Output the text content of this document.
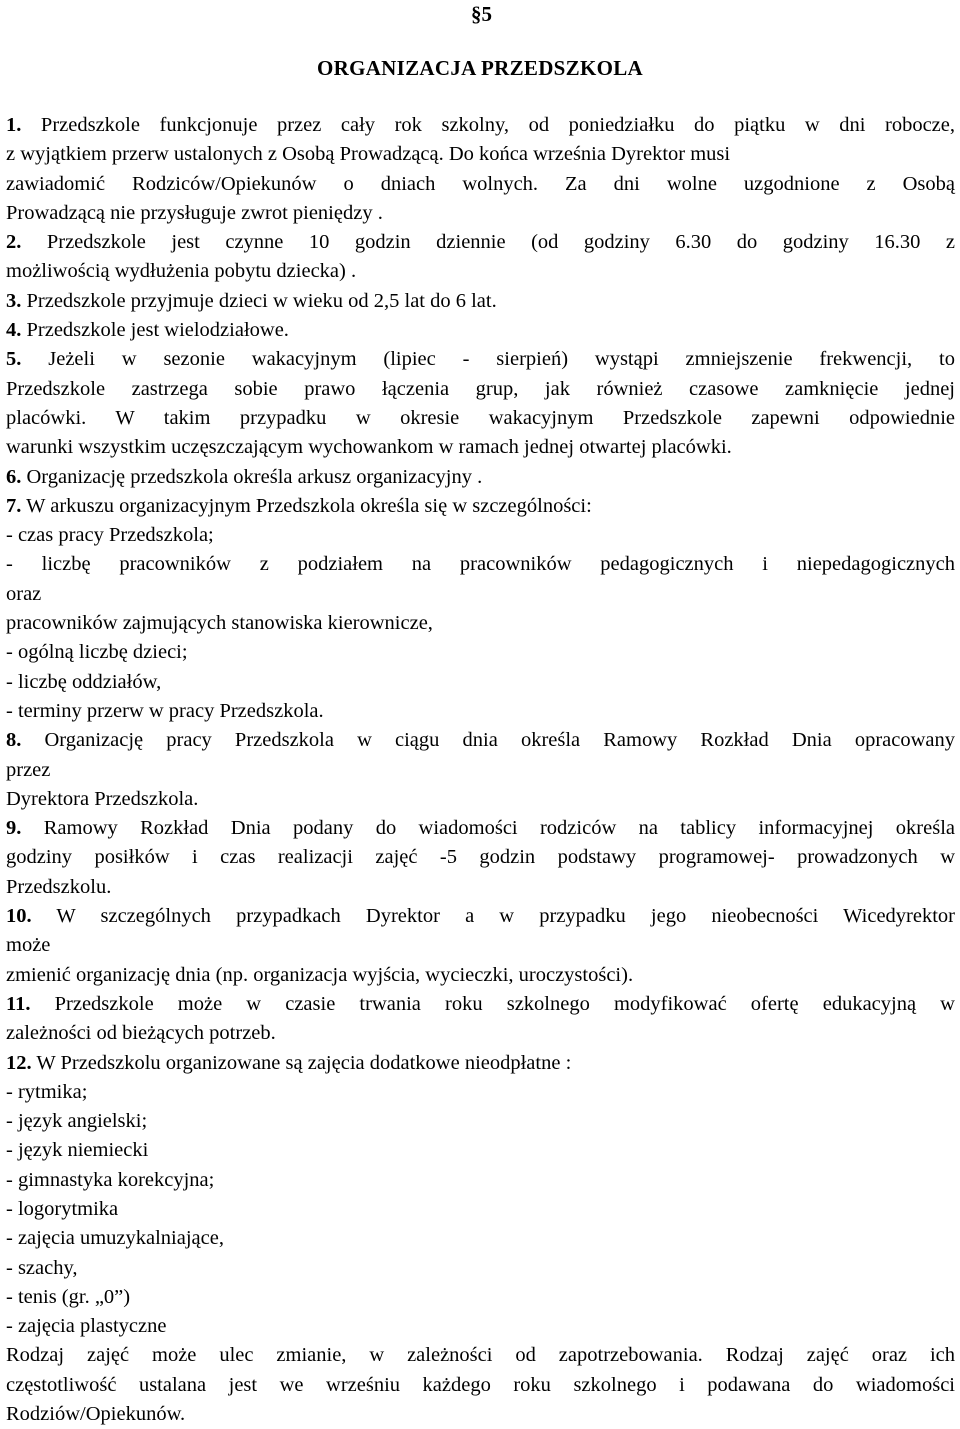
§5
ORGANIZACJA PRZEDSZKOLA
1. Przedszkole funkcjonuje przez cały rok szkolny, od poniedziałku do piątku w dni robocze,
z wyjątkiem przerw ustalonych z Osobą Prowadzącą. Do końca września Dyrektor musi
zawiadomić Rodziców/Opiekunów o dniach wolnych. Za dni wolne uzgodnione z Osobą
Prowadzącą nie przysługuje zwrot pieniędzy .
2. Przedszkole jest czynne 10 godzin dziennie (od godziny 6.30 do godziny 16.30 z
możliwością wydłużenia pobytu dziecka) .
3. Przedszkole przyjmuje dzieci w wieku od 2,5 lat do 6 lat.
4. Przedszkole jest wielodziałowe.
5. Jeżeli w sezonie wakacyjnym (lipiec - sierpień) wystąpi zmniejszenie frekwencji, to
Przedszkole zastrzega sobie prawo łączenia grup, jak również czasowe zamknięcie jednej
placówki. W takim przypadku w okresie wakacyjnym Przedszkole zapewni odpowiednie
warunki wszystkim uczęszczającym wychowankom w ramach jednej otwartej placówki.
6. Organizację przedszkola określa arkusz organizacyjny .
7. W arkuszu organizacyjnym Przedszkola określa się w szczególności:
- czas pracy Przedszkola;
- liczbę pracowników z podziałem na pracowników pedagogicznych i niepedagogicznych
oraz
pracowników zajmujących stanowiska kierownicze,
- ogólną liczbę dzieci;
- liczbę oddziałów,
- terminy przerw w pracy Przedszkola.
8. Organizację pracy Przedszkola w ciągu dnia określa Ramowy Rozkład Dnia opracowany
przez
Dyrektora Przedszkola.
9. Ramowy Rozkład Dnia podany do wiadomości rodziców na tablicy informacyjnej określa
godziny posiłków i czas realizacji zajęć -5 godzin podstawy programowej- prowadzonych w
Przedszkolu.
10. W szczególnych przypadkach Dyrektor a w przypadku jego nieobecności Wicedyrektor
może
zmienić organizację dnia (np. organizacja wyjścia, wycieczki, uroczystości).
11. Przedszkole może w czasie trwania roku szkolnego modyfikować ofertę edukacyjną w
zależności od bieżących potrzeb.
12. W Przedszkolu organizowane są zajęcia dodatkowe nieodpłatne :
- rytmika;
- język angielski;
- język niemiecki
- gimnastyka korekcyjna;
- logorytmika
- zajęcia umuzykalniające,
- szachy,
- tenis (gr. „0”)
- zajęcia plastyczne
Rodzaj zajęć może ulec zmianie, w zależności od zapotrzebowania. Rodzaj zajęć oraz ich
częstotliwość ustalana jest we wrześniu każdego roku szkolnego i podawana do wiadomości
Rodziów/Opiekunów.
